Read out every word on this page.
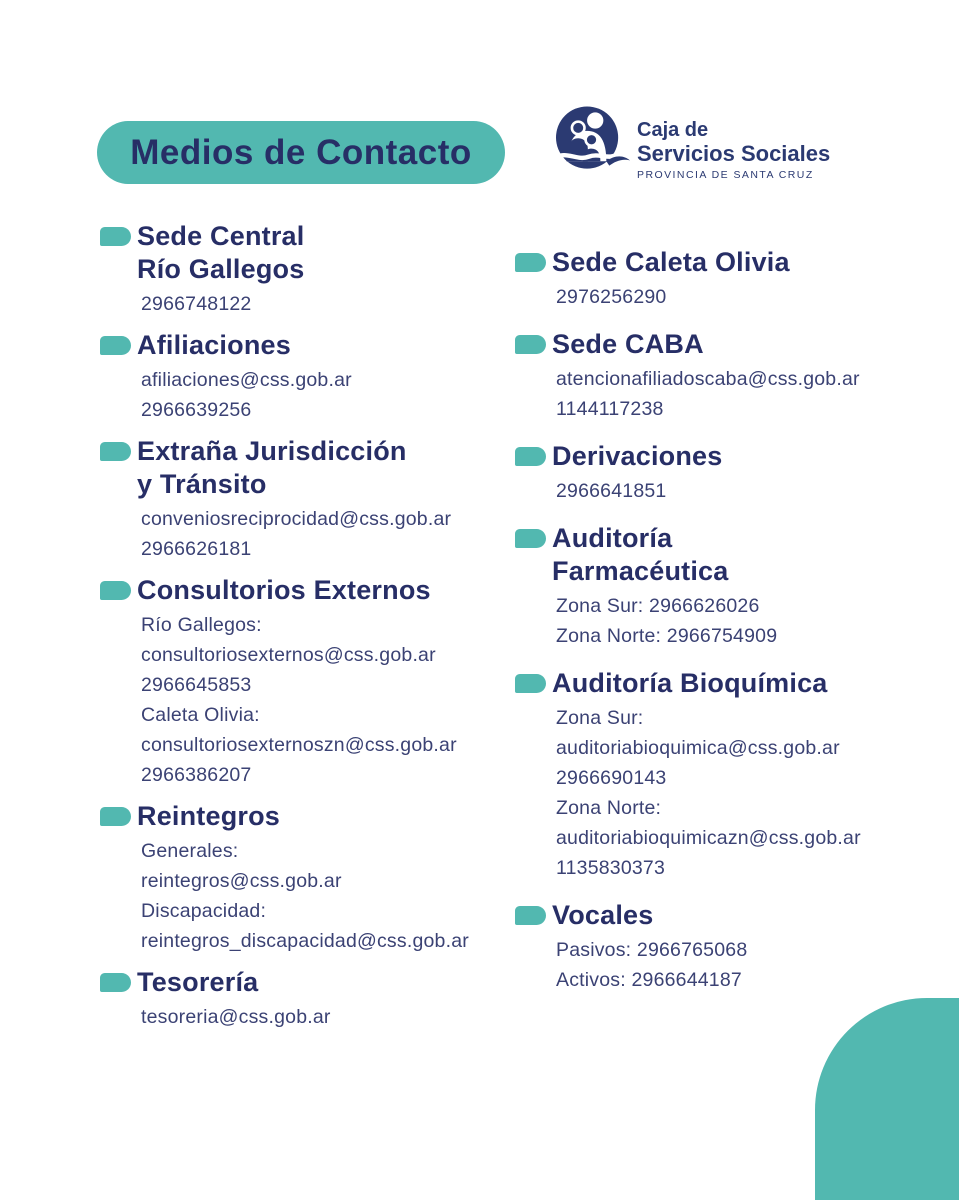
Medios de Contacto
Caja de
Servicios Sociales
PROVINCIA DE SANTA CRUZ
Sede Central
Río Gallegos
2966748122
Afiliaciones
afiliaciones@css.gob.ar
2966639256
Extraña Jurisdicción
y Tránsito
conveniosreciprocidad@css.gob.ar
2966626181
Consultorios Externos
Río Gallegos:
consultoriosexternos@css.gob.ar
2966645853
Caleta Olivia:
consultoriosexternoszn@css.gob.ar
2966386207
Reintegros
Generales:
reintegros@css.gob.ar
Discapacidad:
reintegros_discapacidad@css.gob.ar
Tesorería
tesoreria@css.gob.ar
Sede Caleta Olivia
2976256290
Sede CABA
atencionafiliadoscaba@css.gob.ar
1144117238
Derivaciones
2966641851
Auditoría
Farmacéutica
Zona Sur: 2966626026
Zona Norte: 2966754909
Auditoría Bioquímica
Zona Sur:
auditoriabioquimica@css.gob.ar
2966690143
Zona Norte:
auditoriabioquimicazn@css.gob.ar
1135830373
Vocales
Pasivos: 2966765068
Activos: 2966644187
